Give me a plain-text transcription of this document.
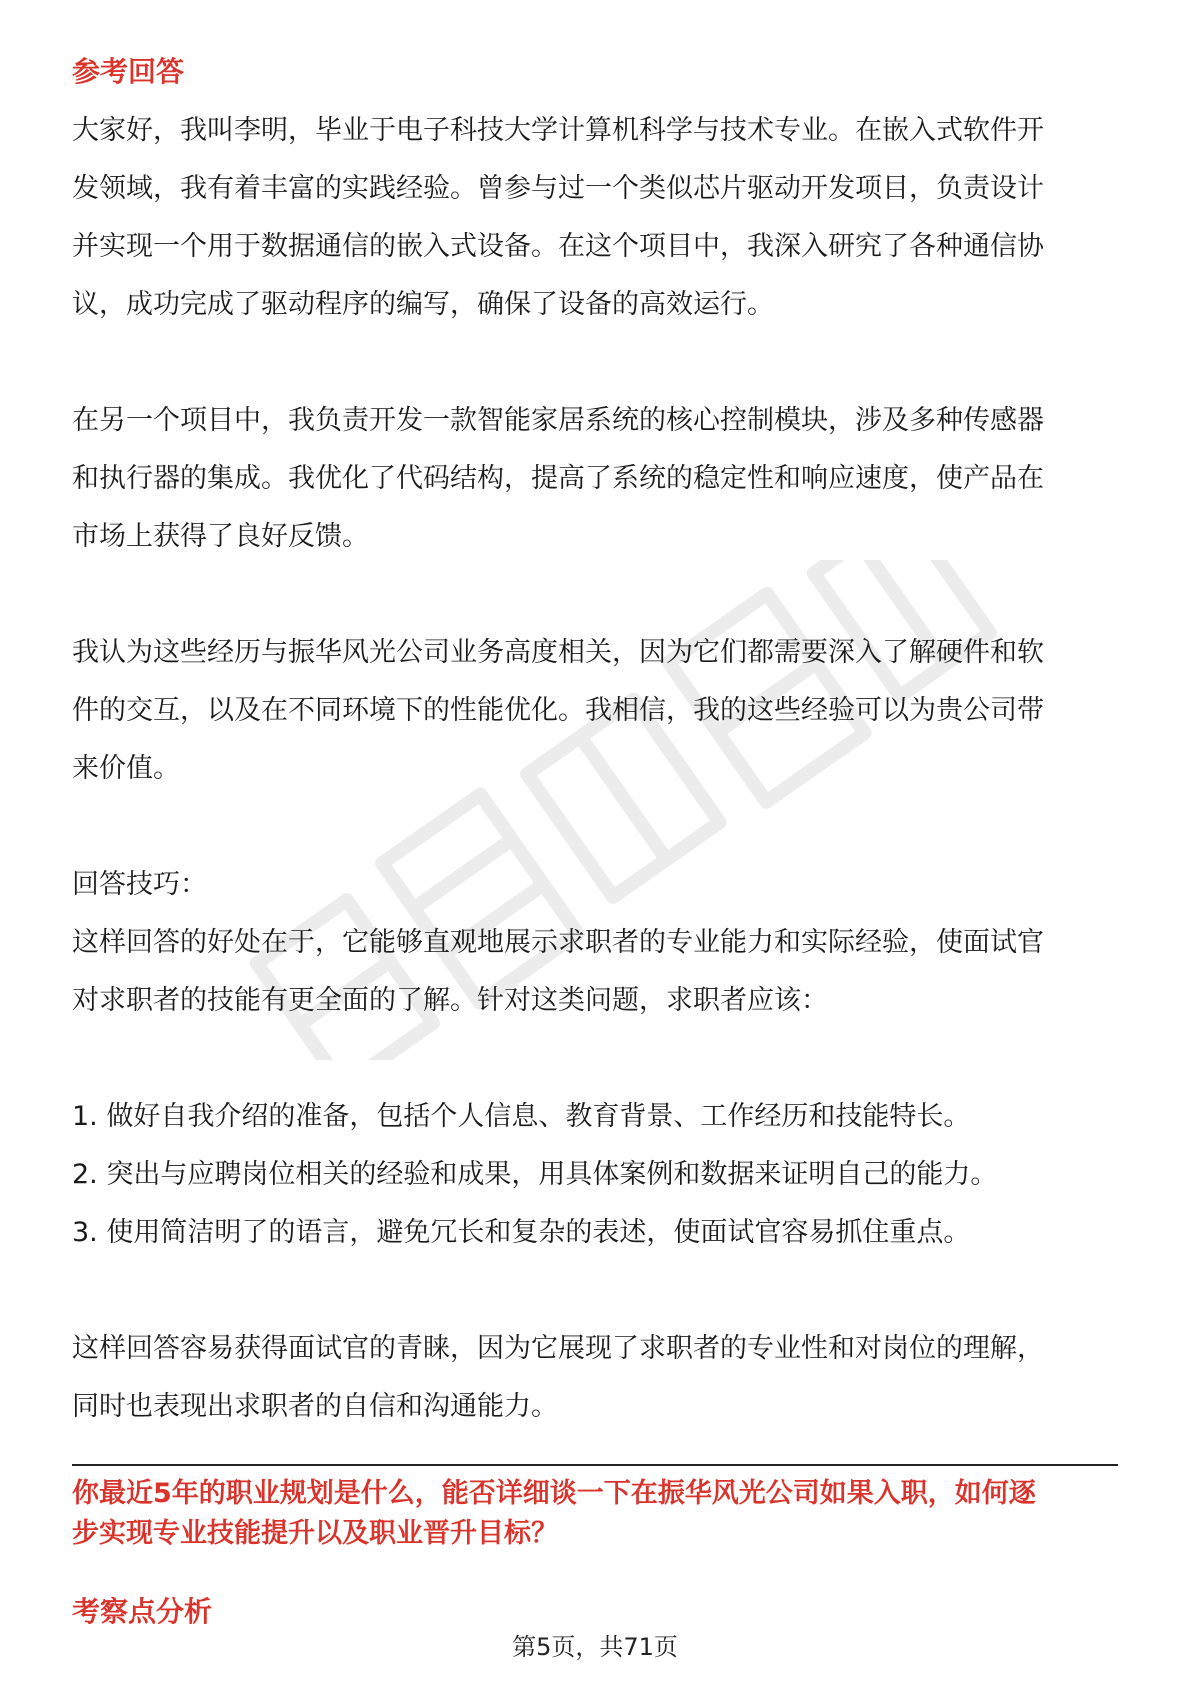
参考回答

大家好，我叫李明，毕业于电子科技大学计算机科学与技术专业。在嵌入式软件开

发领域，我有着丰富的实践经验。曾参与过一个类似芯片驱动开发项目，负责设计

并实现一个用于数据通信的嵌入式设备。在这个项目中，我深入研究了各种通信协

议，成功完成了驱动程序的编写，确保了设备的高效运行。

在另一个项目中，我负责开发一款智能家居系统的核心控制模块，涉及多种传感器

和执行器的集成。我优化了代码结构，提高了系统的稳定性和响应速度，使产品在

市场上获得了良好反馈。

我认为这些经历与振华风光公司业务高度相关，因为它们都需要深入了解硬件和软

件的交互，以及在不同环境下的性能优化。我相信，我的这些经验可以为贵公司带

来价值。

回答技巧：

这样回答的好处在于，它能够直观地展示求职者的专业能力和实际经验，使面试官

对求职者的技能有更全面的了解。针对这类问题，求职者应该：

1. 做好自我介绍的准备，包括个人信息、教育背景、工作经历和技能特长。
2. 突出与应聘岗位相关的经验和成果，用具体案例和数据来证明自己的能力。
3. 使用简洁明了的语言，避免冗长和复杂的表述，使面试官容易抓住重点。

这样回答容易获得面试官的青睐，因为它展现了求职者的专业性和对岗位的理解，

同时也表现出求职者的自信和沟通能力。

你最近5年的职业规划是什么，能否详细谈一下在振华风光公司如果入职，如何逐
步实现专业技能提升以及职业晋升目标？
考察点分析
第5页，共71页
